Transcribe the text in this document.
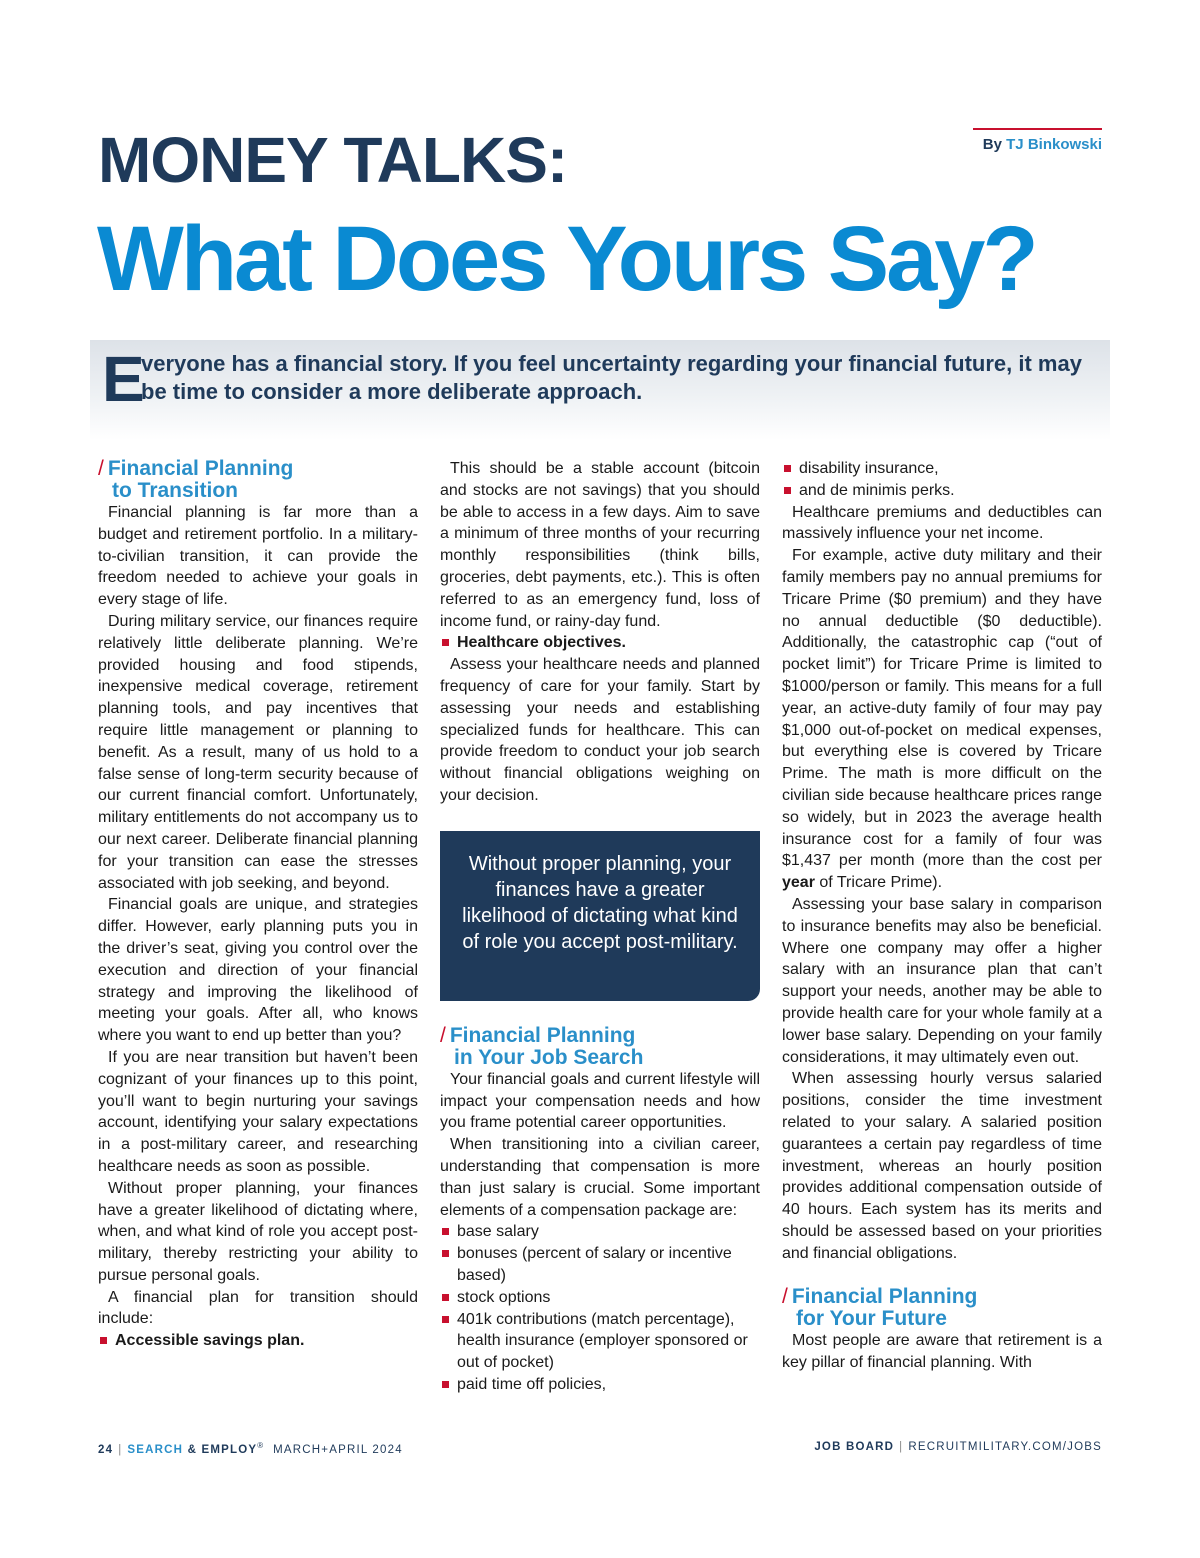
By TJ Binkowski
MONEY TALKS:
What Does Yours Say?
E
veryone has a financial story. If you feel uncertainty regarding your financial future, it may be time to consider a more deliberate approach.
/ Financial Planning
to Transition

Financial planning is far more than a budget and retirement portfolio. In a military-to-civilian transition, it can provide the freedom needed to achieve your goals in every stage of life.

During military service, our finances require relatively little deliberate planning. We’re provided housing and food stipends, inexpensive medical coverage, retirement planning tools, and pay incentives that require little management or planning to benefit. As a result, many of us hold to a false sense of long-term security because of our current financial comfort. Unfortunately, military entitlements do not accompany us to our next career. Deliberate financial planning for your transition can ease the stresses associated with job seeking, and beyond.

Financial goals are unique, and strategies differ. However, early planning puts you in the driver’s seat, giving you control over the execution and direction of your financial strategy and improving the likelihood of meeting your goals. After all, who knows where you want to end up better than you?

If you are near transition but haven’t been cognizant of your finances up to this point, you’ll want to begin nurturing your savings account, identifying your salary expectations in a post-military career, and researching healthcare needs as soon as possible.

Without proper planning, your finances have a greater likelihood of dictating where, when, and what kind of role you accept post-military, thereby restricting your ability to pursue personal goals.

A financial plan for transition should include:

Accessible savings plan.

This should be a stable account (bitcoin and stocks are not savings) that you should be able to access in a few days. Aim to save a minimum of three months of your recurring monthly responsibilities (think bills, groceries, debt payments, etc.). This is often referred to as an emergency fund, loss of income fund, or rainy-day fund.

Healthcare objectives.

Assess your healthcare needs and planned frequency of care for your family. Start by assessing your needs and establishing specialized funds for healthcare. This can provide freedom to conduct your job search without financial obligations weighing on your decision.

Without proper planning, your finances have a greater likelihood of dictating what kind of role you accept post-military.
/ Financial Planning
in Your Job Search

Your financial goals and current lifestyle will impact your compensation needs and how you frame potential career opportunities.

When transitioning into a civilian career, understanding that compensation is more than just salary is crucial. Some important elements of a compensation package are:

base salary
bonuses (percent of salary or incentive based)
stock options
401k contributions (match percentage), health insurance (employer sponsored or out of pocket)
paid time off policies,
disability insurance,
and de minimis perks.

Healthcare premiums and deductibles can massively influence your net income.

For example, active duty military and their family members pay no annual premiums for Tricare Prime ($0 premium) and they have no annual deductible ($0 deductible). Additionally, the catastrophic cap (“out of pocket limit”) for Tricare Prime is limited to $1000/person or family. This means for a full year, an active-duty family of four may pay $1,000 out-of-pocket on medical expenses, but everything else is covered by Tricare Prime. The math is more difficult on the civilian side because healthcare prices range so widely, but in 2023 the average health insurance cost for a family of four was $1,437 per month (more than the cost per year of Tricare Prime).

Assessing your base salary in comparison to insurance benefits may also be beneficial. Where one company may offer a higher salary with an insurance plan that can’t support your needs, another may be able to provide health care for your whole family at a lower base salary. Depending on your family considerations, it may ultimately even out.

When assessing hourly versus salaried positions, consider the time investment related to your salary. A salaried position guarantees a certain pay regardless of time investment, whereas an hourly position provides additional compensation outside of 40 hours. Each system has its merits and should be assessed based on your priorities and financial obligations.

/ Financial Planning
for Your Future

Most people are aware that retirement is a key pillar of financial planning. With

24 | SEARCH & EMPLOY® MARCH+APRIL 2024	JOB BOARD | RECRUITMILITARY.COM/JOBS
